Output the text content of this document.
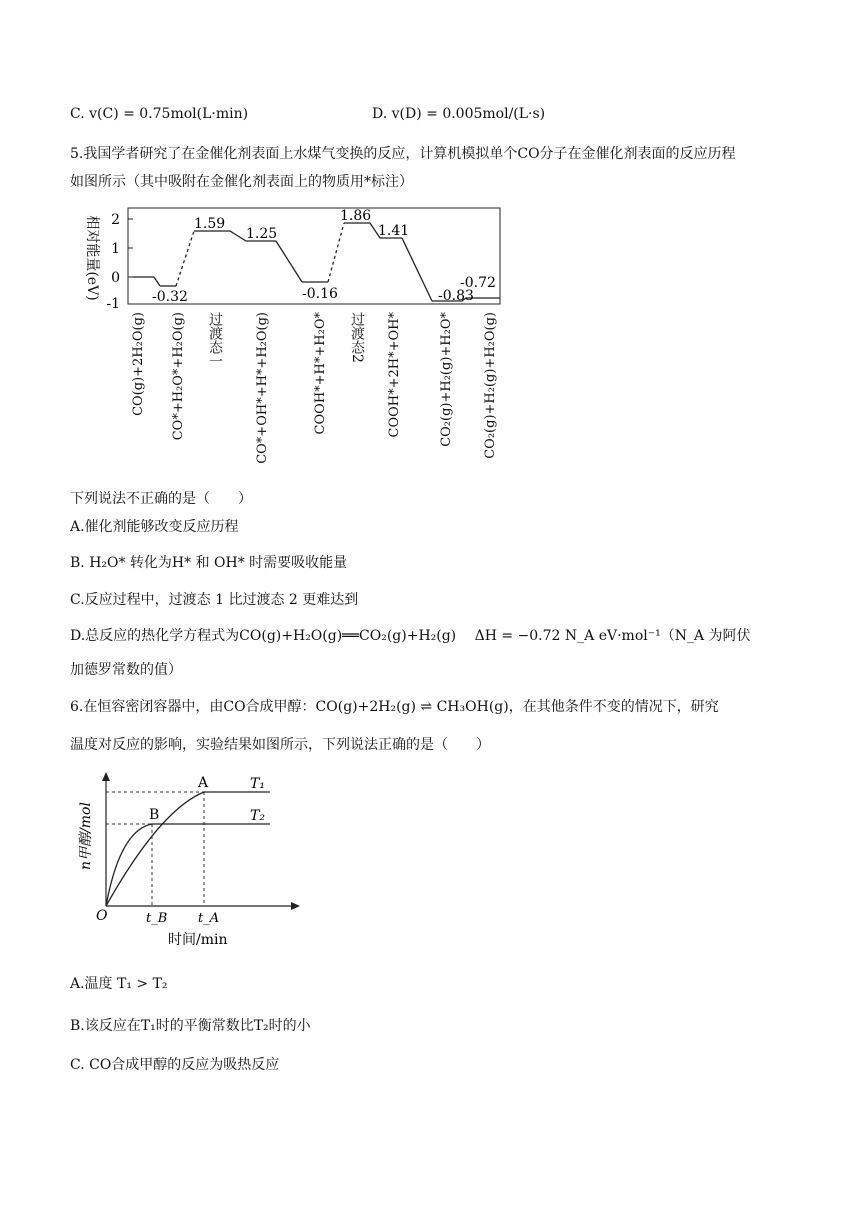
C. v(C) = 0.75mol(L·min)	D. v(D) = 0.005mol/(L·s)
5.我国学者研究了在金催化剂表面上水煤气变换的反应，计算机模拟单个CO分子在金催化剂表面的反应历程
如图所示（其中吸附在金催化剂表面上的物质用*标注）
相对能量(eV) 2
1
0
-1
1.59
1.25
1.86
1.41
-0.32	-0.16	-0.83
-0.72
CO(g)+2H₂O(g) CO*+H₂O*+H₂O(g) 过渡态一 CO*+OH*+H*+H₂O(g)	COOH*+H*+H₂O* 过渡态2 COOH*+2H*+OH*	CO₂(g)+H₂(g)+H₂O* CO₂(g)+H₂(g)+H₂O(g)
下列说法不正确的是（　　）
A.催化剂能够改变反应历程
B. H₂O* 转化为H* 和 OH* 时需要吸收能量
C.反应过程中，过渡态 1 比过渡态 2 更难达到
D.总反应的热化学方程式为CO(g)+H₂O(g)══CO₂(g)+H₂(g)　 ΔH = −0.72 N_A eV·mol⁻¹（N_A 为阿伏
加德罗常数的值）
6.在恒容密闭容器中，由CO合成甲醇：CO(g)+2H₂(g) ⇌ CH₃OH(g)，在其他条件不变的情况下，研究
温度对反应的影响，实验结果如图所示，下列说法正确的是（　　）
A
B
T₁
T₂
O	t_B t_A
时间/min
n甲醇/mol
A.温度 T₁ > T₂
B.该反应在T₁时的平衡常数比T₂时的小
C. CO合成甲醇的反应为吸热反应
